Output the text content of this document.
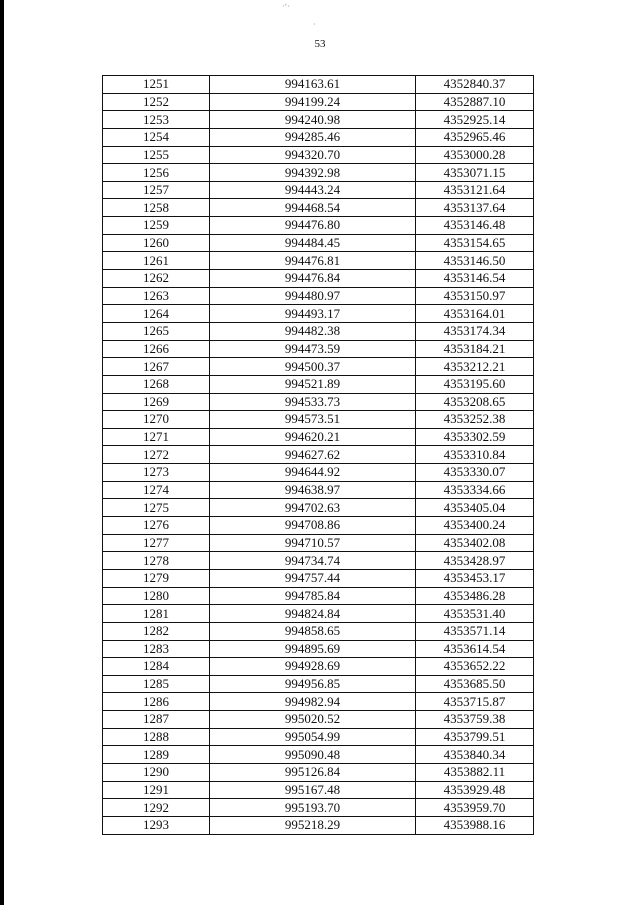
·ʻ·
·
53
1251	994163.61	4352840.37
1252	994199.24	4352887.10
1253	994240.98	4352925.14
1254	994285.46	4352965.46
1255	994320.70	4353000.28
1256	994392.98	4353071.15
1257	994443.24	4353121.64
1258	994468.54	4353137.64
1259	994476.80	4353146.48
1260	994484.45	4353154.65
1261	994476.81	4353146.50
1262	994476.84	4353146.54
1263	994480.97	4353150.97
1264	994493.17	4353164.01
1265	994482.38	4353174.34
1266	994473.59	4353184.21
1267	994500.37	4353212.21
1268	994521.89	4353195.60
1269	994533.73	4353208.65
1270	994573.51	4353252.38
1271	994620.21	4353302.59
1272	994627.62	4353310.84
1273	994644.92	4353330.07
1274	994638.97	4353334.66
1275	994702.63	4353405.04
1276	994708.86	4353400.24
1277	994710.57	4353402.08
1278	994734.74	4353428.97
1279	994757.44	4353453.17
1280	994785.84	4353486.28
1281	994824.84	4353531.40
1282	994858.65	4353571.14
1283	994895.69	4353614.54
1284	994928.69	4353652.22
1285	994956.85	4353685.50
1286	994982.94	4353715.87
1287	995020.52	4353759.38
1288	995054.99	4353799.51
1289	995090.48	4353840.34
1290	995126.84	4353882.11
1291	995167.48	4353929.48
1292	995193.70	4353959.70
1293	995218.29	4353988.16
